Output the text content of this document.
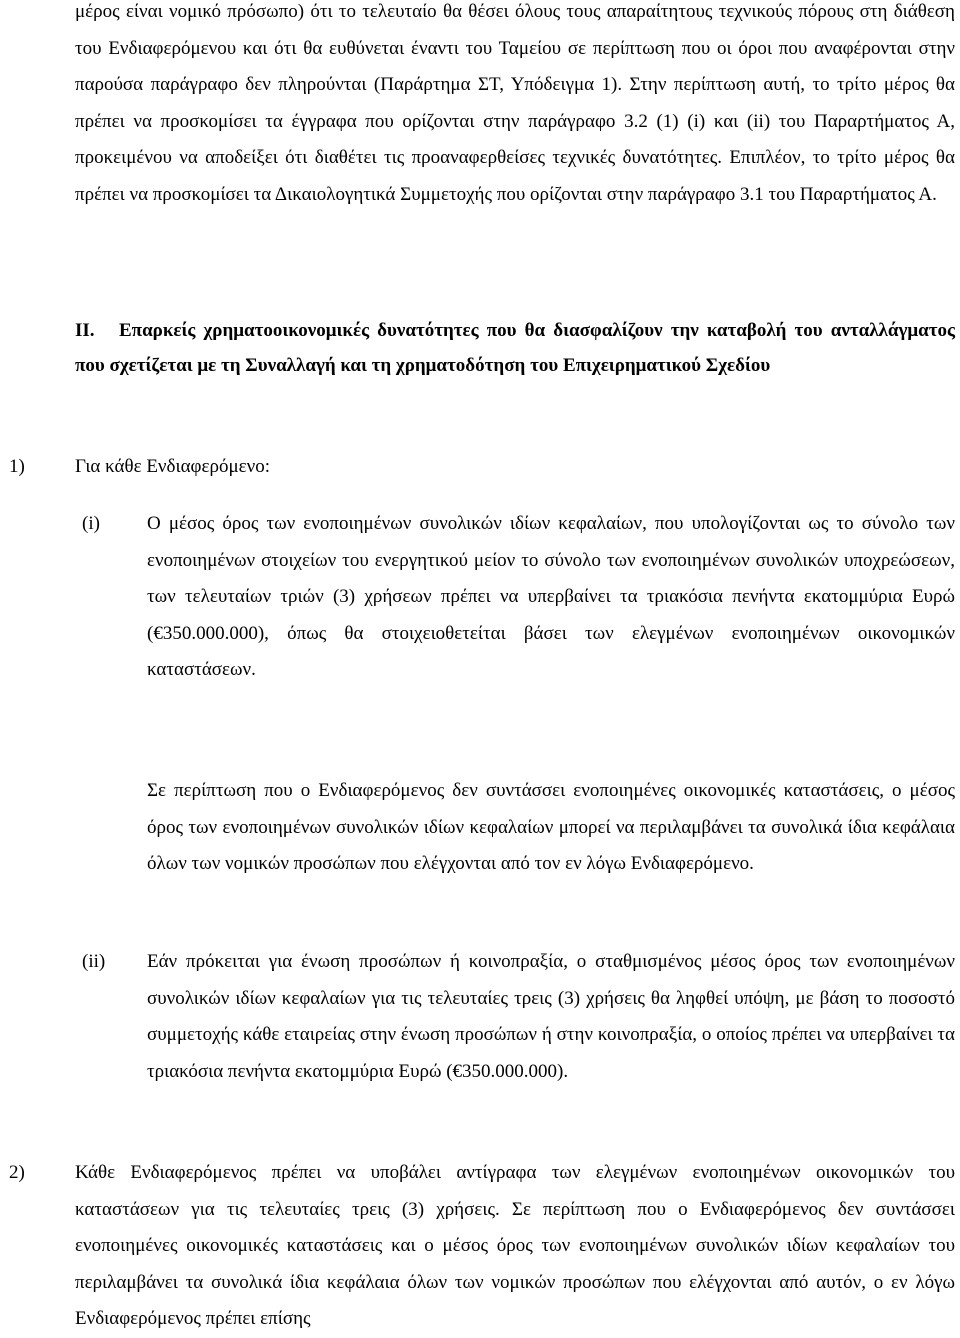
μέρος είναι νομικό πρόσωπο) ότι το τελευταίο θα θέσει όλους τους απαραίτητους τεχνικούς πόρους στη διάθεση του Ενδιαφερόμενου και ότι θα ευθύνεται έναντι του Ταμείου σε περίπτωση που οι όροι που αναφέρονται στην παρούσα παράγραφο δεν πληρούνται (Παράρτημα ΣΤ, Υπόδειγμα 1). Στην περίπτωση αυτή, το τρίτο μέρος θα πρέπει να προσκομίσει τα έγγραφα που ορίζονται στην παράγραφο 3.2 (1) (i) και (ii) του Παραρτήματος Α, προκειμένου να αποδείξει ότι διαθέτει τις προαναφερθείσες τεχνικές δυνατότητες. Επιπλέον, το τρίτο μέρος θα πρέπει να προσκομίσει τα Δικαιολογητικά Συμμετοχής που ορίζονται στην παράγραφο 3.1 του Παραρτήματος Α.

ΙΙ.	Επαρκείς χρηματοοικονομικές δυνατότητες που θα διασφαλίζουν την καταβολή του ανταλλάγματος που σχετίζεται με τη Συναλλαγή και τη χρηματοδότηση του Επιχειρηματικού Σχεδίου

1)	Για κάθε Ενδιαφερόμενο:
(i) Ο μέσος όρος των ενοποιημένων συνολικών ιδίων κεφαλαίων, που υπολογίζονται ως το σύνολο των ενοποιημένων στοιχείων του ενεργητικού μείον το σύνολο των ενοποιημένων συνολικών υποχρεώσεων, των τελευταίων τριών (3) χρήσεων πρέπει να υπερβαίνει τα τριακόσια πενήντα εκατομμύρια Ευρώ (€350.000.000), όπως θα στοιχειοθετείται βάσει των ελεγμένων ενοποιημένων οικονομικών καταστάσεων.

Σε περίπτωση που ο Ενδιαφερόμενος δεν συντάσσει ενοποιημένες οικονομικές καταστάσεις, ο μέσος όρος των ενοποιημένων συνολικών ιδίων κεφαλαίων μπορεί να περιλαμβάνει τα συνολικά ίδια κεφάλαια όλων των νομικών προσώπων που ελέγχονται από τον εν λόγω Ενδιαφερόμενο.

(ii) Εάν πρόκειται για ένωση προσώπων ή κοινοπραξία, ο σταθμισμένος μέσος όρος των ενοποιημένων συνολικών ιδίων κεφαλαίων για τις τελευταίες τρεις (3) χρήσεις θα ληφθεί υπόψη, με βάση το ποσοστό συμμετοχής κάθε εταιρείας στην ένωση προσώπων ή στην κοινοπραξία, ο οποίος πρέπει να υπερβαίνει τα τριακόσια πενήντα εκατομμύρια Ευρώ (€350.000.000).

2)	Κάθε Ενδιαφερόμενος πρέπει να υποβάλει αντίγραφα των ελεγμένων ενοποιημένων οικονομικών του καταστάσεων για τις τελευταίες τρεις (3) χρήσεις. Σε περίπτωση που ο Ενδιαφερόμενος δεν συντάσσει ενοποιημένες οικονομικές καταστάσεις και ο μέσος όρος των ενοποιημένων συνολικών ιδίων κεφαλαίων του περιλαμβάνει τα συνολικά ίδια κεφάλαια όλων των νομικών προσώπων που ελέγχονται από αυτόν, ο εν λόγω Ενδιαφερόμενος πρέπει επίσης
